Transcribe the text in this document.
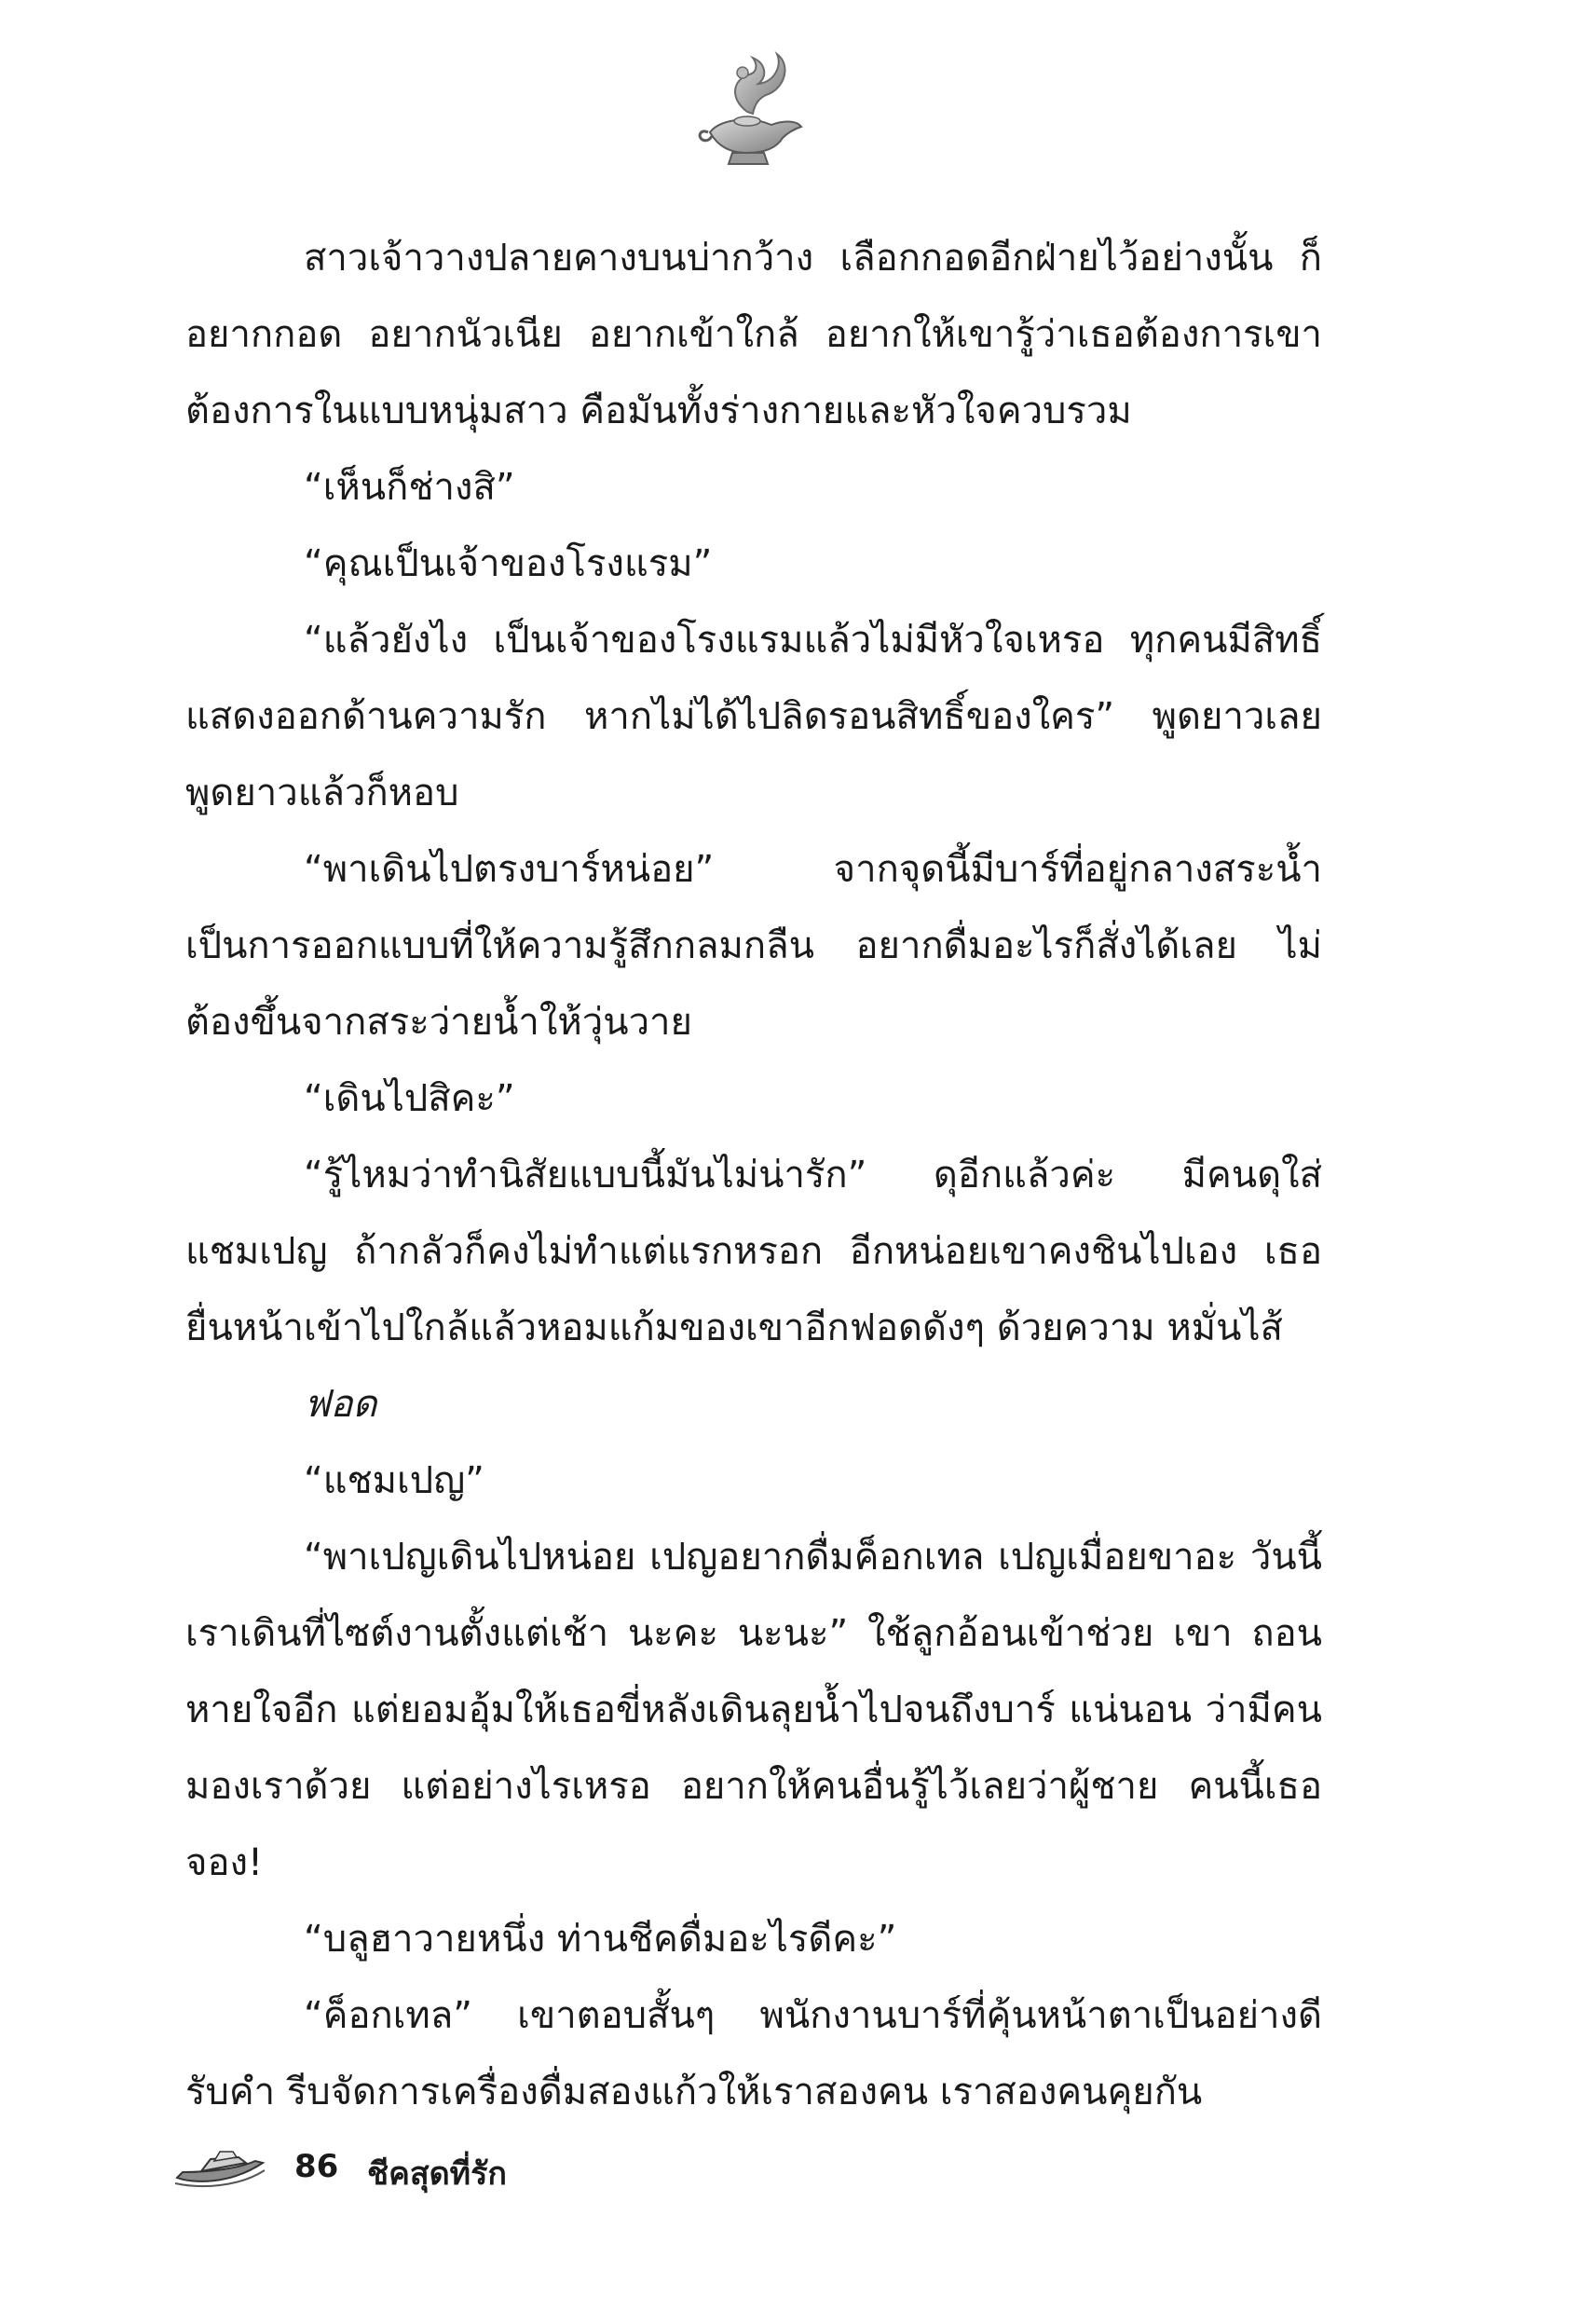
สาวเจ้าวางปลายคางบนบ่ากว้าง เลือกกอดอีกฝ่ายไว้อย่างนั้น ก็อยากกอด อยากนัวเนีย อยากเข้าใกล้ อยากให้เขารู้ว่าเธอต้องการเขา ต้องการในแบบหนุ่มสาว คือมันทั้งร่างกายและหัวใจควบรวม

“เห็นก็ช่างสิ”

“คุณเป็นเจ้าของโรงแรม”

“แล้วยังไง เป็นเจ้าของโรงแรมแล้วไม่มีหัวใจเหรอ ทุกคนมีสิทธิ์ แสดงออกด้านความรัก หากไม่ได้ไปลิดรอนสิทธิ์ของใคร” พูดยาวเลย พูดยาวแล้วก็หอบ

“พาเดินไปตรงบาร์หน่อย” จากจุดนี้มีบาร์ที่อยู่กลางสระน้ำ เป็นการออกแบบที่ให้ความรู้สึกกลมกลืน อยากดื่มอะไรก็สั่งได้เลย ไม่ต้องขึ้นจากสระว่ายน้ำให้วุ่นวาย

“เดินไปสิคะ”

“รู้ไหมว่าทำนิสัยแบบนี้มันไม่น่ารัก” ดุอีกแล้วค่ะ มีคนดุใส่ แชมเปญ ถ้ากลัวก็คงไม่ทำแต่แรกหรอก อีกหน่อยเขาคงชินไปเอง เธอยื่นหน้าเข้าไปใกล้แล้วหอมแก้มของเขาอีกฟอดดังๆ ด้วยความ หมั่นไส้

ฟอด

“แชมเปญ”

“พาเปญเดินไปหน่อย เปญอยากดื่มค็อกเทล เปญเมื่อยขาอะ วันนี้เราเดินที่ไซต์งานตั้งแต่เช้า นะคะ นะนะ” ใช้ลูกอ้อนเข้าช่วย เขา ถอนหายใจอีก แต่ยอมอุ้มให้เธอขี่หลังเดินลุยน้ำไปจนถึงบาร์ แน่นอน ว่ามีคนมองเราด้วย แต่อย่างไรเหรอ อยากให้คนอื่นรู้ไว้เลยว่าผู้ชาย คนนี้เธอจอง!

“บลูฮาวายหนึ่ง ท่านชีคดื่มอะไรดีคะ”

“ค็อกเทล” เขาตอบสั้นๆ พนักงานบาร์ที่คุ้นหน้าตาเป็นอย่างดี รับคำ รีบจัดการเครื่องดื่มสองแก้วให้เราสองคน เราสองคนคุยกัน

86 ชีคสุดที่รัก
